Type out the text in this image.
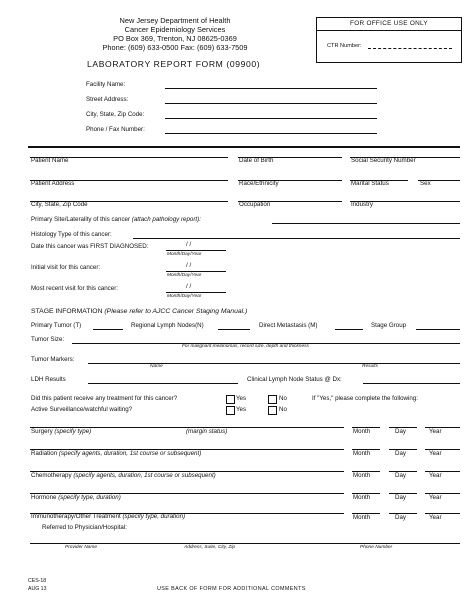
New Jersey Department of Health
Cancer Epidemiology Services
PO Box 369, Trenton, NJ 08625-0369
Phone: (609) 633-0500 Fax: (609) 633-7509
LABORATORY REPORT FORM (09900)
FOR OFFICE USE ONLY
CTR Number:
Facility Name:
Street Address:
City, State, Zip Code:
Phone / Fax Number:
Patient Name	Date of Birth	Social Security Number
Patient Address	Race/Ethnicity	Marital Status	Sex
City, State, Zip Code	Occupation	Industry
Primary Site/Laterality of this cancer (attach pathology report):
Histology Type of this cancer:
Date this cancer was FIRST DIAGNOSED:	/ /
Month/Day/Year
Initial visit for this cancer:	/ /
Month/Day/Year
Most recent visit for this cancer:	/ /
Month/Day/Year
STAGE INFORMATION (Please refer to AJCC Cancer Staging Manual.)
Primary Tumor (T)	Regional Lymph Nodes(N)	Direct Metastasis (M)	Stage Group
Tumor Size:
For malignant melanomas, record size, depth and thickness
Tumor Markers:
Name	Results
LDH Results	Clinical Lymph Node Status @ Dx:
Did this patient receive any treatment for this cancer?	Yes	No	If "Yes," please complete the following:
Active Surveillance/watchful waiting?	Yes	No
Surgery (specify type)	(margin status)	Month	Day	Year
Radiation (specify agents, duration, 1st course or subsequent)	Month	Day	Year
Chemotherapy (specify agents, duration, 1st course or subsequent)	Month	Day	Year
Hormone (specify type, duration)	Month	Day	Year
Immunotherapy/Other Treatment (specify type, duration)	Month	Day	Year
Referred to Physician/Hospital:
Provider Name	Address, Suite, City, Zip	Phone Number
CES-18
AUG 13	USE BACK OF FORM FOR ADDITIONAL COMMENTS
